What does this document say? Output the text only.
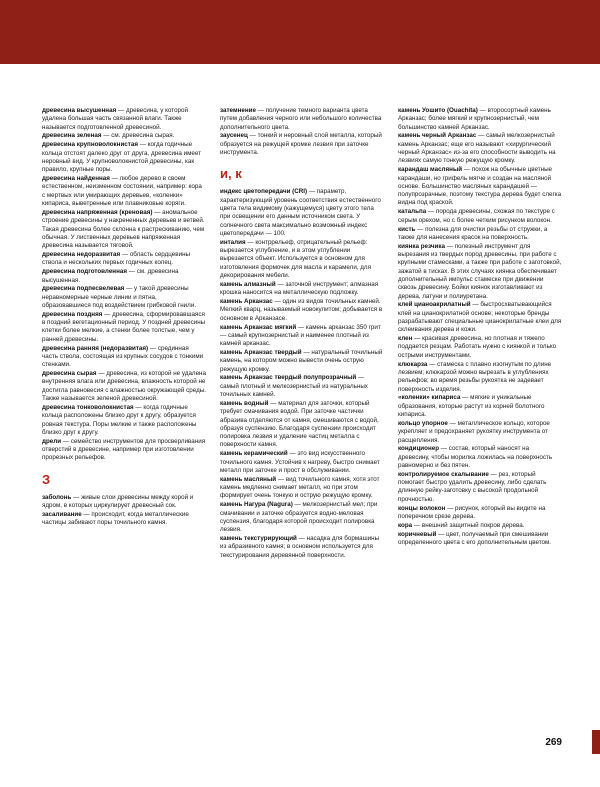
древесина высушенная — древесина, у которой удалена большая часть связанной влаги. Также называется подготовленной древесиной.

древесина зеленая — см. древесина сырая.

древесина крупноволокнистая — когда годичные кольца отстоят далеко друг от друга, древесина имеет неровный вид. У крупноволокнистой древесины, как правило, крупные поры.

древесина найденная — любое дерево в своем естественном, неизменном состоянии, например: кора с мертвых или умирающих деревьев, «коленки» кипариса, выветренные или плавниковые коряги.

древесина напряженная (креновая) — аномальное строение древесины у накрененных деревьев и ветвей. Такая древесина более склонна к растрескиванию, чем обычная. У лиственных деревьев напряженная древесина называется тяговой.

древесина недоразвитая — область сердцевины ствола и нескольких первых годичных колец.

древесина подготовленная — см. древесина высушенная.

древесина подпесвелевая — у такой древесины неравномерные черные линии и пятна, образовавшиеся под воздействием грибковой гнили.

древесина поздняя — древесина, сформировавшаяся в поздний вегетационный период. У поздней древесины клетки более мелкие, а стенки более толстые, чем у ранней древесины.

древесина ранняя (недоразвитая) — срединная часть ствола, состоящая из крупных сосудов с тонкими стенками.

древесина сырая — древесина, из которой не удалена внутренняя влага или древесина, влажность которой не достигла равновесия с влажностью окружающей среды. Также называется зеленой древесиной.

древесина тонковолокнистая — когда годичные кольца расположены близко друг к другу, образуется ровная текстура. Поры мелкие и также расположены близко друг к другу.

дрели — семейство инструментов для просверливания отверстий в древесине, например при изготовлении прорезных рельефов.

З

заболонь — живые слои древесины между корой и ядром, в которых циркулирует древесный сок.

засаливание — происходит, когда металлические частицы забивают поры точильного камня.

затемнение — получение темного варианта цвета путем добавления черного или небольшого количества дополнительного цвета.

заусенец — тонкий и неровный слой металла, который образуется на режущей кромке лезвия при заточке инструмента.

и, к

индекс цветопередачи (CRI) — параметр, характеризующий уровень соответствия естественного цвета тела видимому (кажущемуся) цвету этого тела при освещении его данным источником света. У солнечного света максимально возможный индекс цветопередачи — 100.

инталия — контррельеф, отрицательный рельеф: вырезается углубление, и в этом углублении вырезается объект. Используется в основном для изготовления формочек для масла и карамели, для декорирования мебели.

камень алмазный — заточной инструмент; алмазная крошка наносится на металлическую подложку.

камень Арканзас — один из видов точильных камней. Мелкий кварц, называемый новокулитом; добывается в основном в Арканзасе.

камень Арканзас мягкий — камень арканзас 350 грит — самый крупнозернистый и наименее плотный из камней арканзас.

камень Арканзас твердый — натуральный точильный камень, на котором можно вывести очень острую режущую кромку.

камень Арканзас твердый полупрозрачный — самый плотный и мелкозернистый из натуральных точильных камней.

камень водный — материал для заточки, который требует смачивания водой. При заточке частички абразива отделяются от камня, смешиваются с водой, образуя суспензию. Благодаря суспензии происходит полировка лезвия и удаление частиц металла с поверхности камня.

камень керамический — это вид искусственного точильного камня. Устойчив к нагреву, быстро снимает металл при заточке и прост в обслуживании.

камень масляный — вид точильного камня, хотя этот камень медленно снимает металл, но при этом формирует очень тонкую и острую режущую кромку.

камень Нагура (Nagura) — мелкозернистый мел; при смачивании и заточке образуется водно-меловая суспензия, благодаря которой происходит полировка лезвия.

камень текстурирующий — насадка для бормашины из абразивного камня; в основном используется для текстурирования деревянной поверхности.

камень Уошито (Ouachita) — второсортный камень Арканзас; более мягкий и крупнозернистый, чем большинство камней Арканзас.

камень черный Арканзас — самый мелкозернистый камень Арканзас; еще его называют «хирургический черный Арканзас» из-за его способности выводить на лезвиях самую тонкую режущую кромку.

карандаш масляный — похож на обычные цветные карандаши, но грифель мягче и создан на масляной основе. Большинство масляных карандашей — полупрозрачные, поэтому текстура дерева будет слегка видна под краской.

катальпа — порода древесины, схожая по текстуре с серым орехом, но с более четким рисунком волокон.

кисть — полезна для очистки резьбы от стружки, а также для нанесения красок на поверхность.

киянка резчика — полезный инструмент для вырезания из твердых пород древесины, при работе с крупными стамесками, а также при работе с заготовкой, зажатой в тисках. В этих случаях киянка обеспечивает дополнительный импульс стамеске при движении сквозь древесину. Бойки киянок изготавливают из дерева, латуни и полиуретана.

клей цианоакрилатный — быстросхватывающийся клей на цианокрилатной основе; некоторые бренды разрабатывают специальные цианокрилатные клеи для склеивания дерева и кожи.

клен — красивая древесина, но плотная и тяжело поддается резцам. Работать нужно с киянкой и только острыми инструментами.

клюкарза — стамеска с плавно изогнутым по длине лезвием; клюкарзой можно вырезать в углублениях рельефов; во время резьбы рукоятка не задевает поверхность изделия.

«коленки» кипариса — мягкие и уникальные образования, которые растут из корней болотного кипариса.

кольцо упорное — металлическое кольцо, которое укрепляет и предохраняет рукоятку инструмента от расщепления.

кондиционер — состав, который наносят на древесину, чтобы морилка ложилась на поверхность равномерно и без пятен.

контролируемое скалывание — рез, который помогает быстро удалить древесину, либо сделать длинную рейку-заготовку с высокой продольной прочностью.

концы волокон — рисунок, который вы видите на поперечном срезе дерева.

кора — внешний защитный покров дерева.

коричневый — цвет, получаемый при смешивании определенного цвета с его дополнительным цветом.

269
